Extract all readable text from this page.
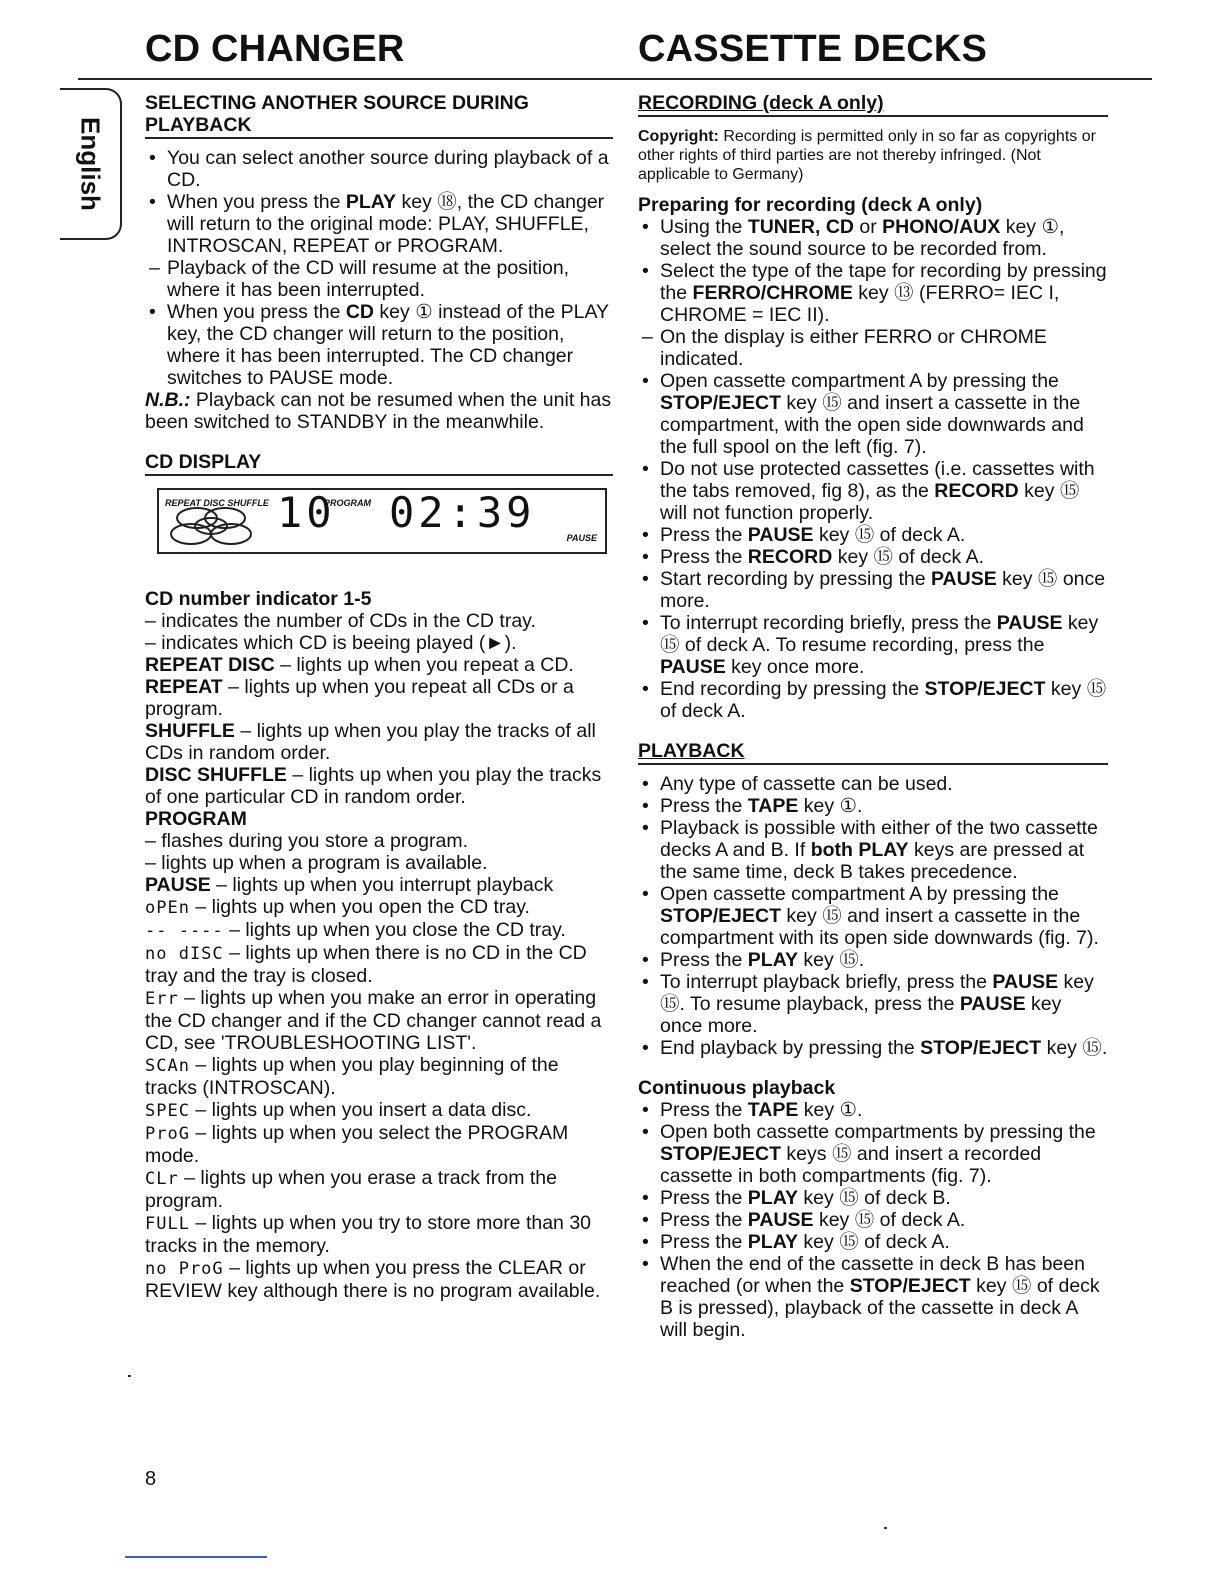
CD CHANGER	CASSETTE DECKS
English
SELECTING ANOTHER SOURCE DURING
PLAYBACK
• You can select another source during playback of a CD.
• When you press the PLAY key ⑱, the CD changer will return to the original mode: PLAY, SHUFFLE, INTROSCAN, REPEAT or PROGRAM.
– Playback of the CD will resume at the position, where it has been interrupted.
• When you press the CD key ① instead of the PLAY key, the CD changer will return to the position, where it has been interrupted. The CD changer switches to PAUSE mode.
N.B.: Playback can not be resumed when the unit has been switched to STANDBY in the meanwhile.
CD DISPLAY
REPEAT DISC SHUFFLE	PROGRAM
10 02:39
PAUSE
CD number indicator 1-5
– indicates the number of CDs in the CD tray.
– indicates which CD is beeing played (►).
REPEAT DISC – lights up when you repeat a CD.
REPEAT – lights up when you repeat all CDs or a program.
SHUFFLE – lights up when you play the tracks of all CDs in random order.
DISC SHUFFLE – lights up when you play the tracks of one particular CD in random order.
PROGRAM
– flashes during you store a program.
– lights up when a program is available.
PAUSE – lights up when you interrupt playback
oPEn – lights up when you open the CD tray.
-- ---- – lights up when you close the CD tray.
no dISC – lights up when there is no CD in the CD tray and the tray is closed.
Err – lights up when you make an error in operating the CD changer and if the CD changer cannot read a CD, see 'TROUBLESHOOTING LIST'.
SCAn – lights up when you play beginning of the tracks (INTROSCAN).
SPEC – lights up when you insert a data disc.
ProG – lights up when you select the PROGRAM mode.
CLr – lights up when you erase a track from the program.
FULL – lights up when you try to store more than 30 tracks in the memory.
no ProG – lights up when you press the CLEAR or REVIEW key although there is no program available.
RECORDING (deck A only)
Copyright: Recording is permitted only in so far as copyrights or other rights of third parties are not thereby infringed. (Not applicable to Germany)
Preparing for recording (deck A only)
• Using the TUNER, CD or PHONO/AUX key ①, select the sound source to be recorded from.
• Select the type of the tape for recording by pressing the FERRO/CHROME key ⑬ (FERRO= IEC I, CHROME = IEC II).
– On the display is either FERRO or CHROME indicated.
• Open cassette compartment A by pressing the STOP/EJECT key ⑮ and insert a cassette in the compartment, with the open side downwards and the full spool on the left (fig. 7).
• Do not use protected cassettes (i.e. cassettes with the tabs removed, fig 8), as the RECORD key ⑮ will not function properly.
• Press the PAUSE key ⑮ of deck A.
• Press the RECORD key ⑮ of deck A.
• Start recording by pressing the PAUSE key ⑮ once more.
• To interrupt recording briefly, press the PAUSE key ⑮ of deck A. To resume recording, press the PAUSE key once more.
• End recording by pressing the STOP/EJECT key ⑮ of deck A.
PLAYBACK
• Any type of cassette can be used.
• Press the TAPE key ①.
• Playback is possible with either of the two cassette decks A and B. If both PLAY keys are pressed at the same time, deck B takes precedence.
• Open cassette compartment A by pressing the STOP/EJECT key ⑮ and insert a cassette in the compartment with its open side downwards (fig. 7).
• Press the PLAY key ⑮.
• To interrupt playback briefly, press the PAUSE key ⑮. To resume playback, press the PAUSE key once more.
• End playback by pressing the STOP/EJECT key ⑮.
Continuous playback
• Press the TAPE key ①.
• Open both cassette compartments by pressing the STOP/EJECT keys ⑮ and insert a recorded cassette in both compartments (fig. 7).
• Press the PLAY key ⑮ of deck B.
• Press the PAUSE key ⑮ of deck A.
• Press the PLAY key ⑮ of deck A.
• When the end of the cassette in deck B has been reached (or when the STOP/EJECT key ⑮ of deck B is pressed), playback of the cassette in deck A will begin.
8
